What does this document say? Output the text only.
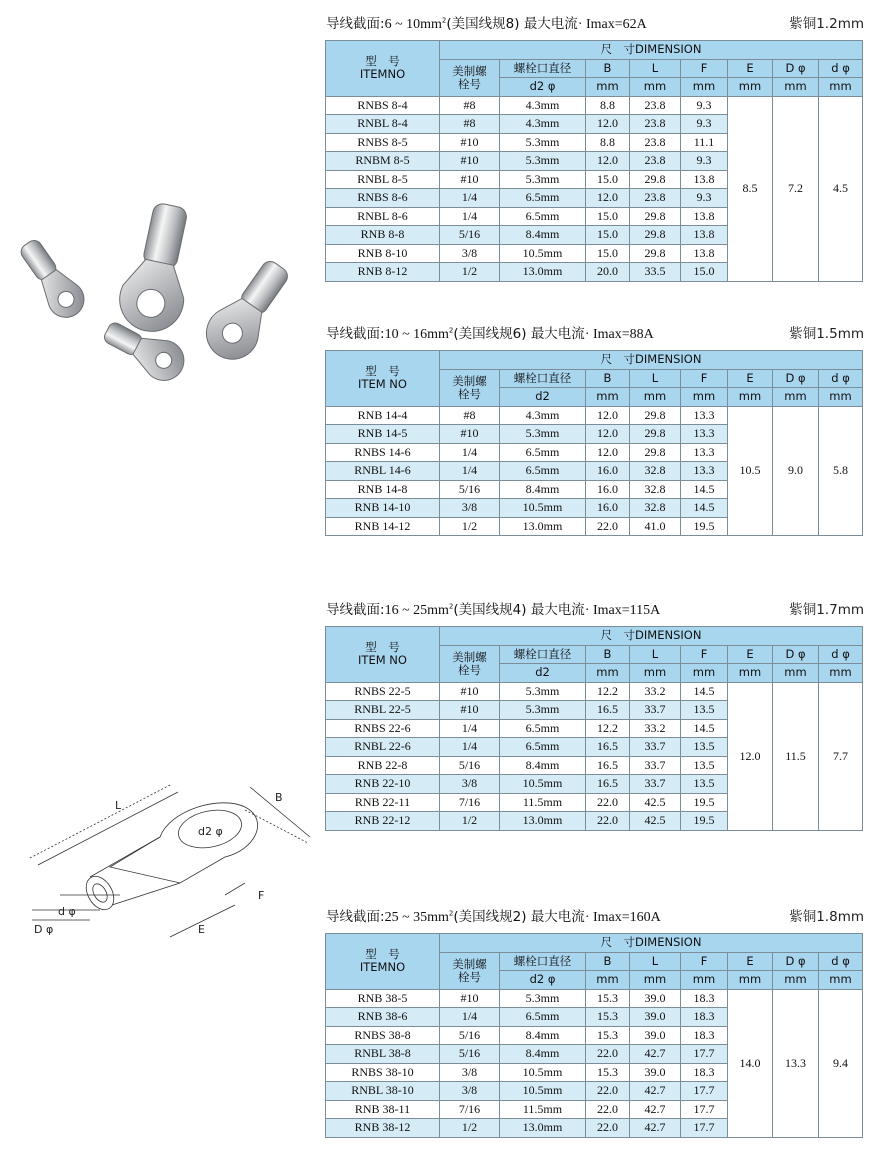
L
B
d2 φ
F
E
d φ
D φ
导线截面:6 ~ $10mm^2$(美国线规8) 最大电流· Imax=62A	紫铜1.2mm
型　号
ITEMNO	尺　寸DIMENSION							
	美制螺
栓号	螺栓口直径	B	L	F	E	D φ	d φ
		d2 φ	mm	mm	mm	mm	mm	mm
RNBS 8-4	#8	4.3mm	8.8	23.8	9.3	8.5	7.2	4.5
RNBL 8-4	#8	4.3mm	12.0	23.8	9.3			
RNBS 8-5	#10	5.3mm	8.8	23.8	11.1			
RNBM 8-5	#10	5.3mm	12.0	23.8	9.3			
RNBL 8-5	#10	5.3mm	15.0	29.8	13.8			
RNBS 8-6	1/4	6.5mm	12.0	23.8	9.3			
RNBL 8-6	1/4	6.5mm	15.0	29.8	13.8			
RNB 8-8	5/16	8.4mm	15.0	29.8	13.8			
RNB 8-10	3/8	10.5mm	15.0	29.8	13.8			
RNB 8-12	1/2	13.0mm	20.0	33.5	15.0			
导线截面:10 ~ $16mm^2$(美国线规6) 最大电流· Imax=88A	紫铜1.5mm
型　号
ITEM NO	尺　寸DIMENSION							
	美制螺
栓号	螺栓口直径	B	L	F	E	D φ	d φ
		d2	mm	mm	mm	mm	mm	mm
RNB 14-4	#8	4.3mm	12.0	29.8	13.3	10.5	9.0	5.8
RNB 14-5	#10	5.3mm	12.0	29.8	13.3			
RNBS 14-6	1/4	6.5mm	12.0	29.8	13.3			
RNBL 14-6	1/4	6.5mm	16.0	32.8	13.3			
RNB 14-8	5/16	8.4mm	16.0	32.8	14.5			
RNB 14-10	3/8	10.5mm	16.0	32.8	14.5			
RNB 14-12	1/2	13.0mm	22.0	41.0	19.5			
导线截面:16 ~ $25mm^2$(美国线规4) 最大电流· Imax=115A	紫铜1.7mm
型　号
ITEM NO	尺　寸DIMENSION							
	美制螺
栓号	螺栓口直径	B	L	F	E	D φ	d φ
		d2	mm	mm	mm	mm	mm	mm
RNBS 22-5	#10	5.3mm	12.2	33.2	14.5	12.0	11.5	7.7
RNBL 22-5	#10	5.3mm	16.5	33.7	13.5			
RNBS 22-6	1/4	6.5mm	12.2	33.2	14.5			
RNBL 22-6	1/4	6.5mm	16.5	33.7	13.5			
RNB 22-8	5/16	8.4mm	16.5	33.7	13.5			
RNB 22-10	3/8	10.5mm	16.5	33.7	13.5			
RNB 22-11	7/16	11.5mm	22.0	42.5	19.5			
RNB 22-12	1/2	13.0mm	22.0	42.5	19.5			
导线截面:25 ~ $35mm^2$(美国线规2) 最大电流· Imax=160A	紫铜1.8mm
型　号
ITEMNO	尺　寸DIMENSION							
	美制螺
栓号	螺栓口直径	B	L	F	E	D φ	d φ
		d2 φ	mm	mm	mm	mm	mm	mm
RNB 38-5	#10	5.3mm	15.3	39.0	18.3	14.0	13.3	9.4
RNB 38-6	1/4	6.5mm	15.3	39.0	18.3			
RNBS 38-8	5/16	8.4mm	15.3	39.0	18.3			
RNBL 38-8	5/16	8.4mm	22.0	42.7	17.7			
RNBS 38-10	3/8	10.5mm	15.3	39.0	18.3			
RNBL 38-10	3/8	10.5mm	22.0	42.7	17.7			
RNB 38-11	7/16	11.5mm	22.0	42.7	17.7			
RNB 38-12	1/2	13.0mm	22.0	42.7	17.7			
